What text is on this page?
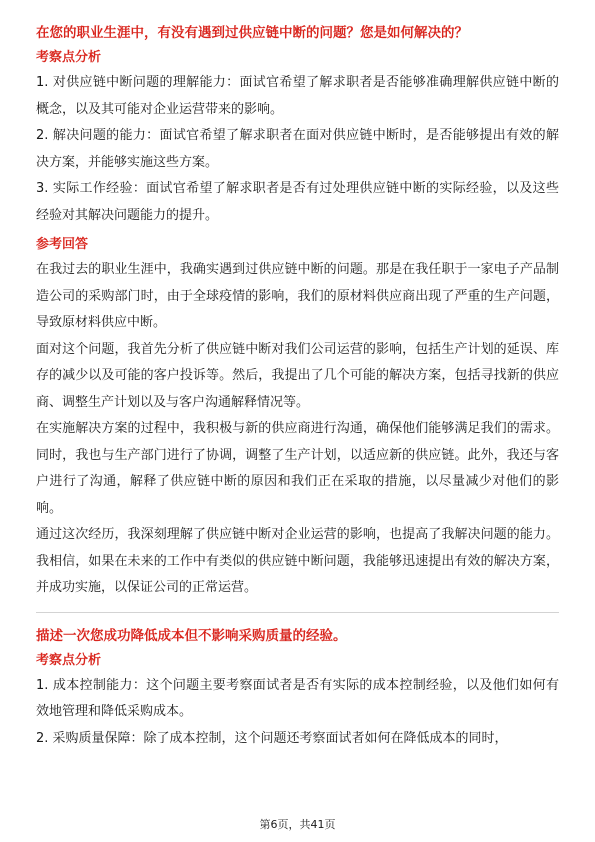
在您的职业生涯中，有没有遇到过供应链中断的问题？您是如何解决的？
考察点分析

1. 对供应链中断问题的理解能力：面试官希望了解求职者是否能够准确理解供应链中断的概念，以及其可能对企业运营带来的影响。

2. 解决问题的能力：面试官希望了解求职者在面对供应链中断时，是否能够提出有效的解决方案，并能够实施这些方案。

3. 实际工作经验：面试官希望了解求职者是否有过处理供应链中断的实际经验，以及这些经验对其解决问题能力的提升。

参考回答

在我过去的职业生涯中，我确实遇到过供应链中断的问题。那是在我任职于一家电子产品制造公司的采购部门时，由于全球疫情的影响，我们的原材料供应商出现了严重的生产问题，导致原材料供应中断。

面对这个问题，我首先分析了供应链中断对我们公司运营的影响，包括生产计划的延误、库存的减少以及可能的客户投诉等。然后，我提出了几个可能的解决方案，包括寻找新的供应商、调整生产计划以及与客户沟通解释情况等。

在实施解决方案的过程中，我积极与新的供应商进行沟通，确保他们能够满足我们的需求。同时，我也与生产部门进行了协调，调整了生产计划，以适应新的供应链。此外，我还与客户进行了沟通，解释了供应链中断的原因和我们正在采取的措施，以尽量减少对他们的影响。

通过这次经历，我深刻理解了供应链中断对企业运营的影响，也提高了我解决问题的能力。我相信，如果在未来的工作中有类似的供应链中断问题，我能够迅速提出有效的解决方案，并成功实施，以保证公司的正常运营。

描述一次您成功降低成本但不影响采购质量的经验。
考察点分析

1. 成本控制能力：这个问题主要考察面试者是否有实际的成本控制经验，以及他们如何有效地管理和降低采购成本。

2. 采购质量保障：除了成本控制，这个问题还考察面试者如何在降低成本的同时，

第6页，共41页
